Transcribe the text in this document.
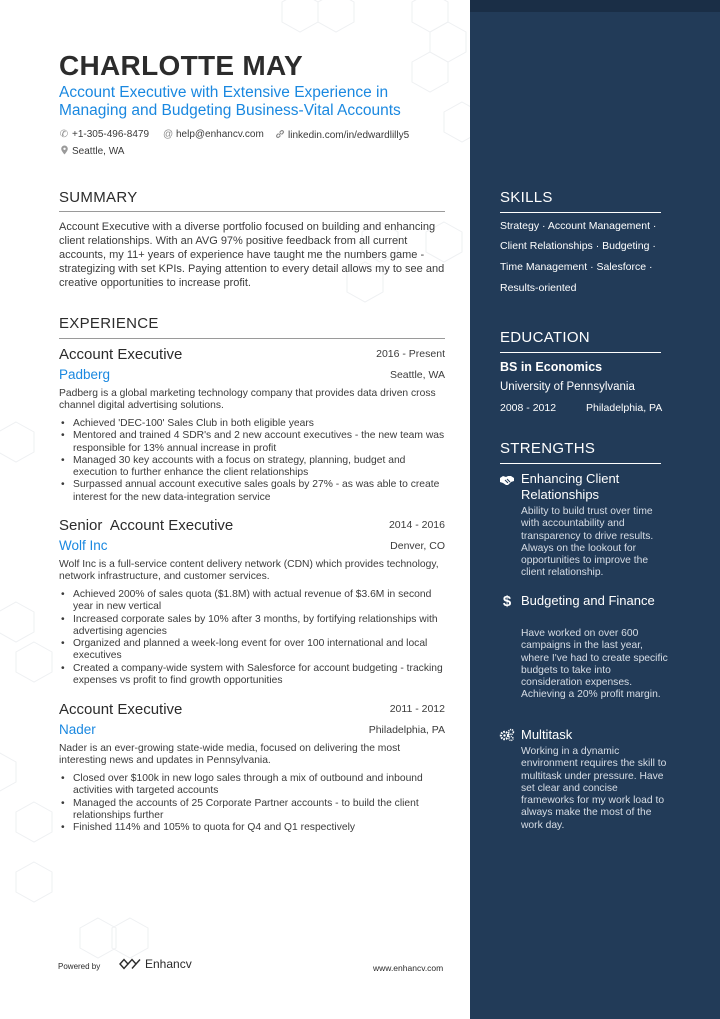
CHARLOTTE MAY
Account Executive with Extensive Experience in Managing and Budgeting Business-Vital Accounts
✆ +1-305-496-8479 @ help@enhancv.com linkedin.com/in/edwardlilly5
Seattle, WA
SUMMARY
Account Executive with a diverse portfolio focused on building and enhancing client relationships. With an AVG 97% positive feedback from all current accounts, my 11+ years of experience have taught me the numbers game - strategizing with set KPIs. Paying attention to every detail allows my to see and creative opportunities to increase profit.
EXPERIENCE
Account Executive	2016 - Present
Padberg	Seattle, WA
Padberg is a global marketing technology company that provides data driven cross channel digital advertising solutions.
• Achieved 'DEC-100' Sales Club in both eligible years
• Mentored and trained 4 SDR's and 2 new account executives - the new team was responsible for 13% annual increase in profit
• Managed 30 key accounts with a focus on strategy, planning, budget and execution to further enhance the client relationships
• Surpassed annual account executive sales goals by 27% - as was able to create interest for the new data-integration service
Senior  Account Executive	2014 - 2016
Wolf Inc	Denver, CO
Wolf Inc is a full-service content delivery network (CDN) which provides technology, network infrastructure, and customer services.
• Achieved 200% of sales quota ($1.8M) with actual revenue of $3.6M in second year in new vertical
• Increased corporate sales by 10% after 3 months, by fortifying relationships with advertising agencies
• Organized and planned a week-long event for over 100 international and local executives
• Created a company-wide system with Salesforce for account budgeting - tracking expenses vs profit to find growth opportunities
Account Executive	2011 - 2012
Nader	Philadelphia, PA
Nader is an ever-growing state-wide media, focused on delivering the most interesting news and updates in Pennsylvania.
• Closed over $100k in new logo sales through a mix of outbound and inbound activities with targeted accounts
• Managed the accounts of 25 Corporate Partner accounts - to build the client relationships further
• Finished 114% and 105% to quota for Q4 and Q1 respectively
Powered by	Enhancv	www.enhancv.com
SKILLS
Strategy · Account Management ·
Client Relationships · Budgeting ·
Time Management · Salesforce ·
Results-oriented
EDUCATION
BS in Economics
University of Pennsylvania
2008 - 2012	Philadelphia, PA
STRENGTHS
Enhancing Client Relationships
Ability to build trust over time with accountability and transparency to drive results. Always on the lookout for opportunities to improve the client relationship.
$ Budgeting and Finance
Have worked on over 600 campaigns in the last year, where I've had to create specific budgets to take into consideration expenses. Achieving a 20% profit margin.
Multitask
Working in a dynamic environment requires the skill to multitask under pressure. Have set clear and concise frameworks for my work load to always make the most of the work day.
